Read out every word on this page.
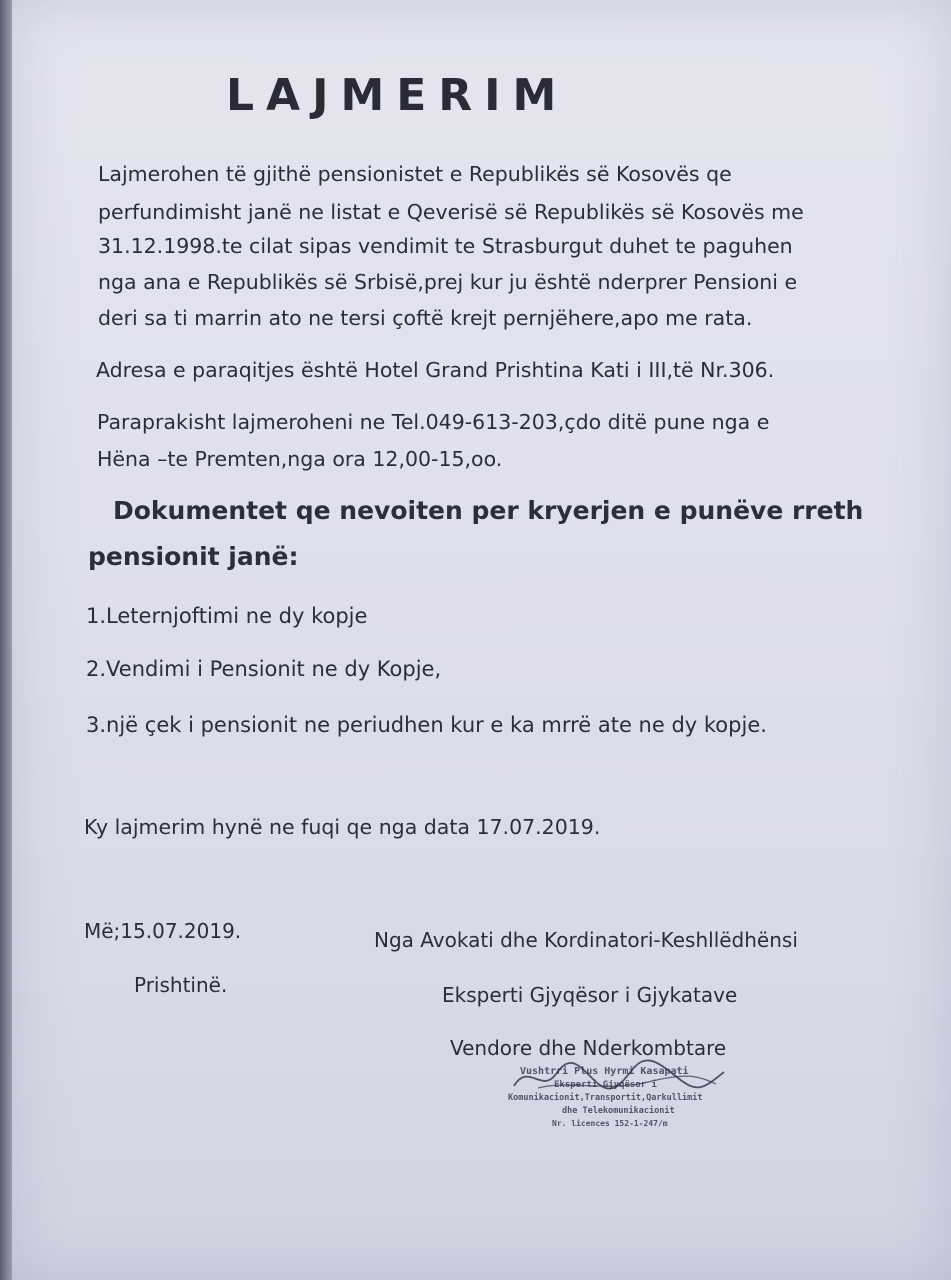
LAJMERIM

Lajmerohen të gjithë pensionistet e Republikës së Kosovës qe

perfundimisht janë ne listat e Qeverisë së Republikës së Kosovës me

31.12.1998.te cilat sipas vendimit te Strasburgut duhet te paguhen

nga ana e Republikës së Srbisë,prej kur ju është nderprer Pensioni e

deri sa ti marrin ato ne tersi çoftë krejt pernjëhere,apo me rata.

Adresa e paraqitjes është Hotel Grand Prishtina Kati i III,të Nr.306.

Paraprakisht lajmeroheni ne Tel.049-613-203,çdo ditë pune nga e

Hëna –te Premten,nga ora 12,00-15,oo.

Dokumentet qe nevoiten per kryerjen e punëve rreth

pensionit janë:

1.Leternjoftimi ne dy kopje

2.Vendimi i Pensionit ne dy Kopje,

3.një çek i pensionit ne periudhen kur e ka mrrë ate ne dy kopje.

Ky lajmerim hynë ne fuqi qe nga data 17.07.2019.

Më;15.07.2019.

Prishtinë.

Nga Avokati dhe Kordinatori-Keshllëdhënsi

Eksperti Gjyqësor i Gjykatave

Vendore dhe Nderkombtare

Vushtrri Plus Hyrmi Kasapati
Eksperti Gjyqësor i
Komunikacionit,Transportit,Qarkullimit
dhe Telekomunikacionit
Nr. licences 152-1-247/m
